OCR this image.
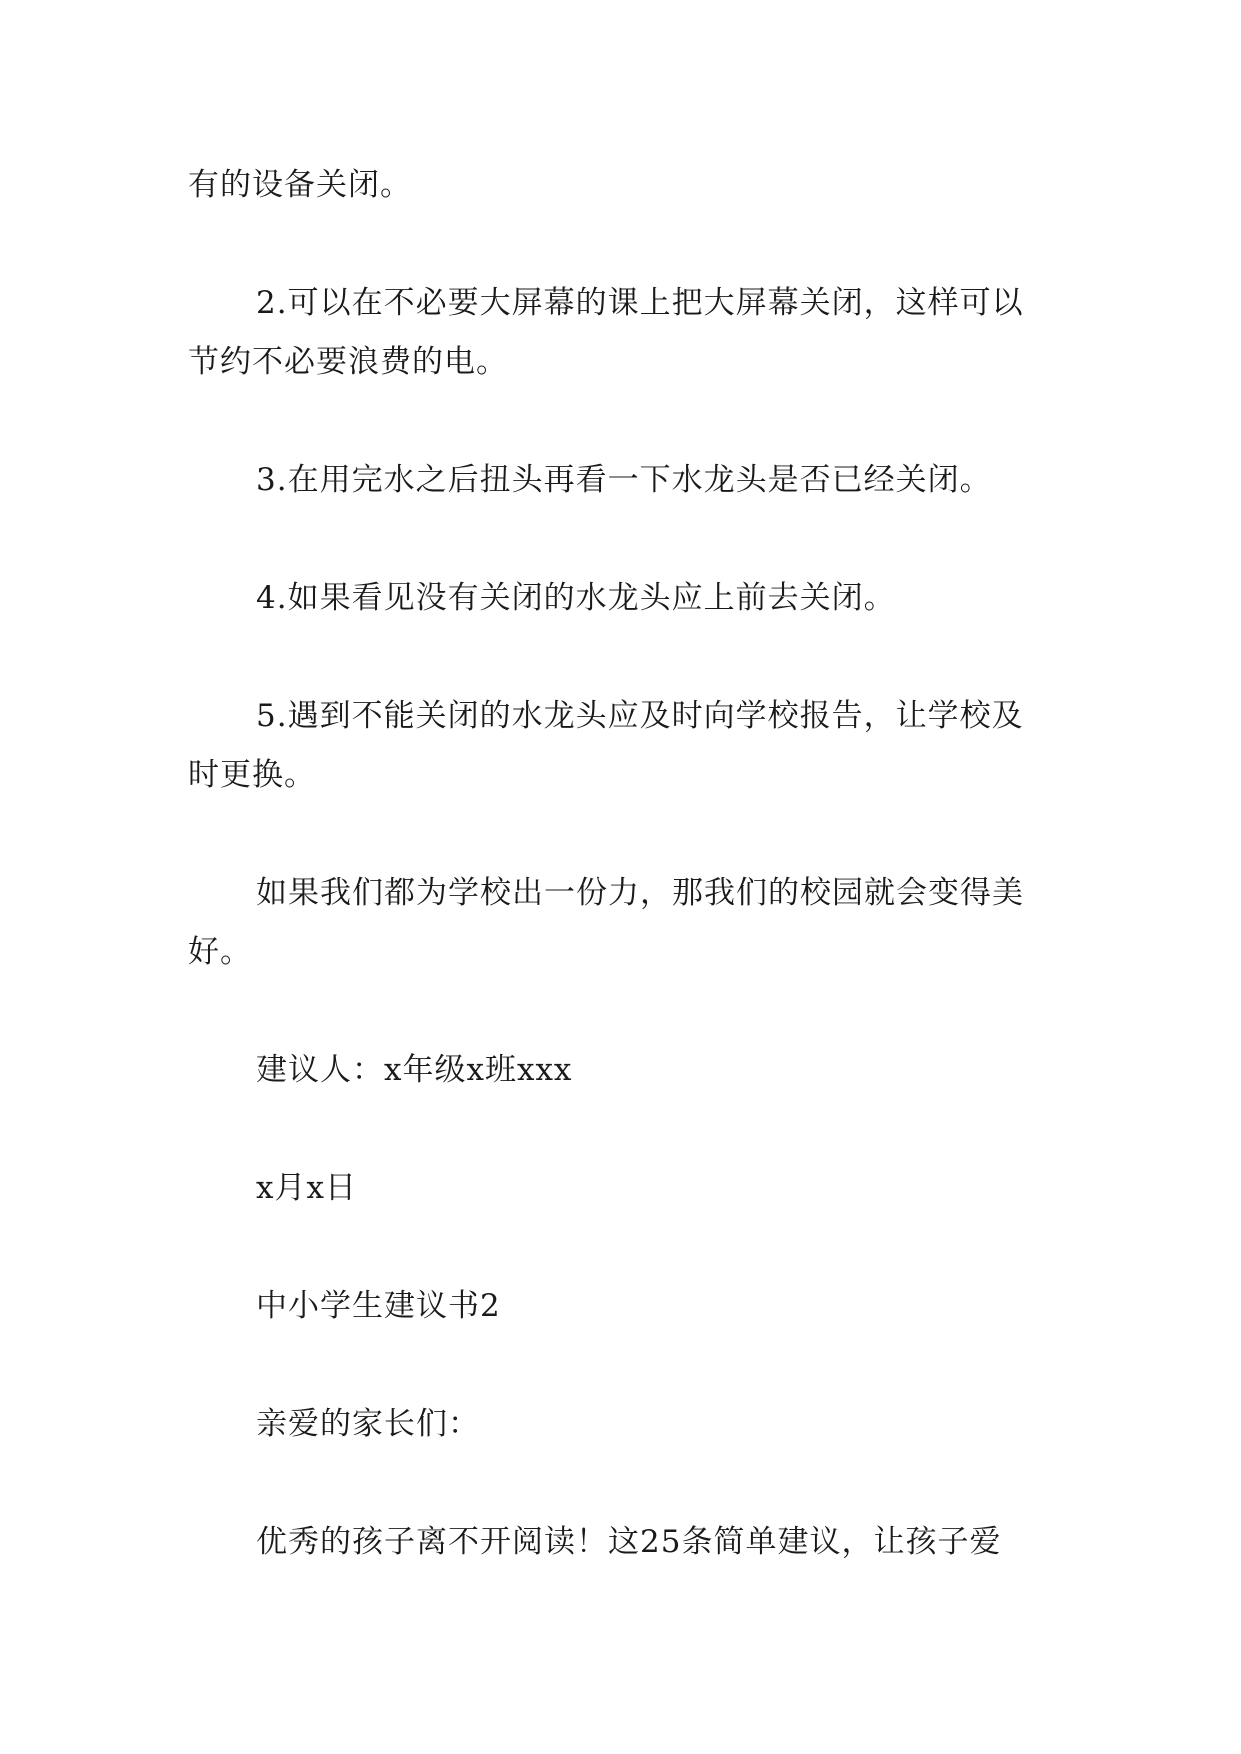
有的设备关闭。
2.可以在不必要大屏幕的课上把大屏幕关闭，这样可以
节约不必要浪费的电。
3.在用完水之后扭头再看一下水龙头是否已经关闭。
4.如果看见没有关闭的水龙头应上前去关闭。
5.遇到不能关闭的水龙头应及时向学校报告，让学校及
时更换。
如果我们都为学校出一份力，那我们的校园就会变得美
好。
建议人：x年级x班xxx
x月x日
中小学生建议书2
亲爱的家长们：
优秀的孩子离不开阅读！这25条简单建议，让孩子爱
